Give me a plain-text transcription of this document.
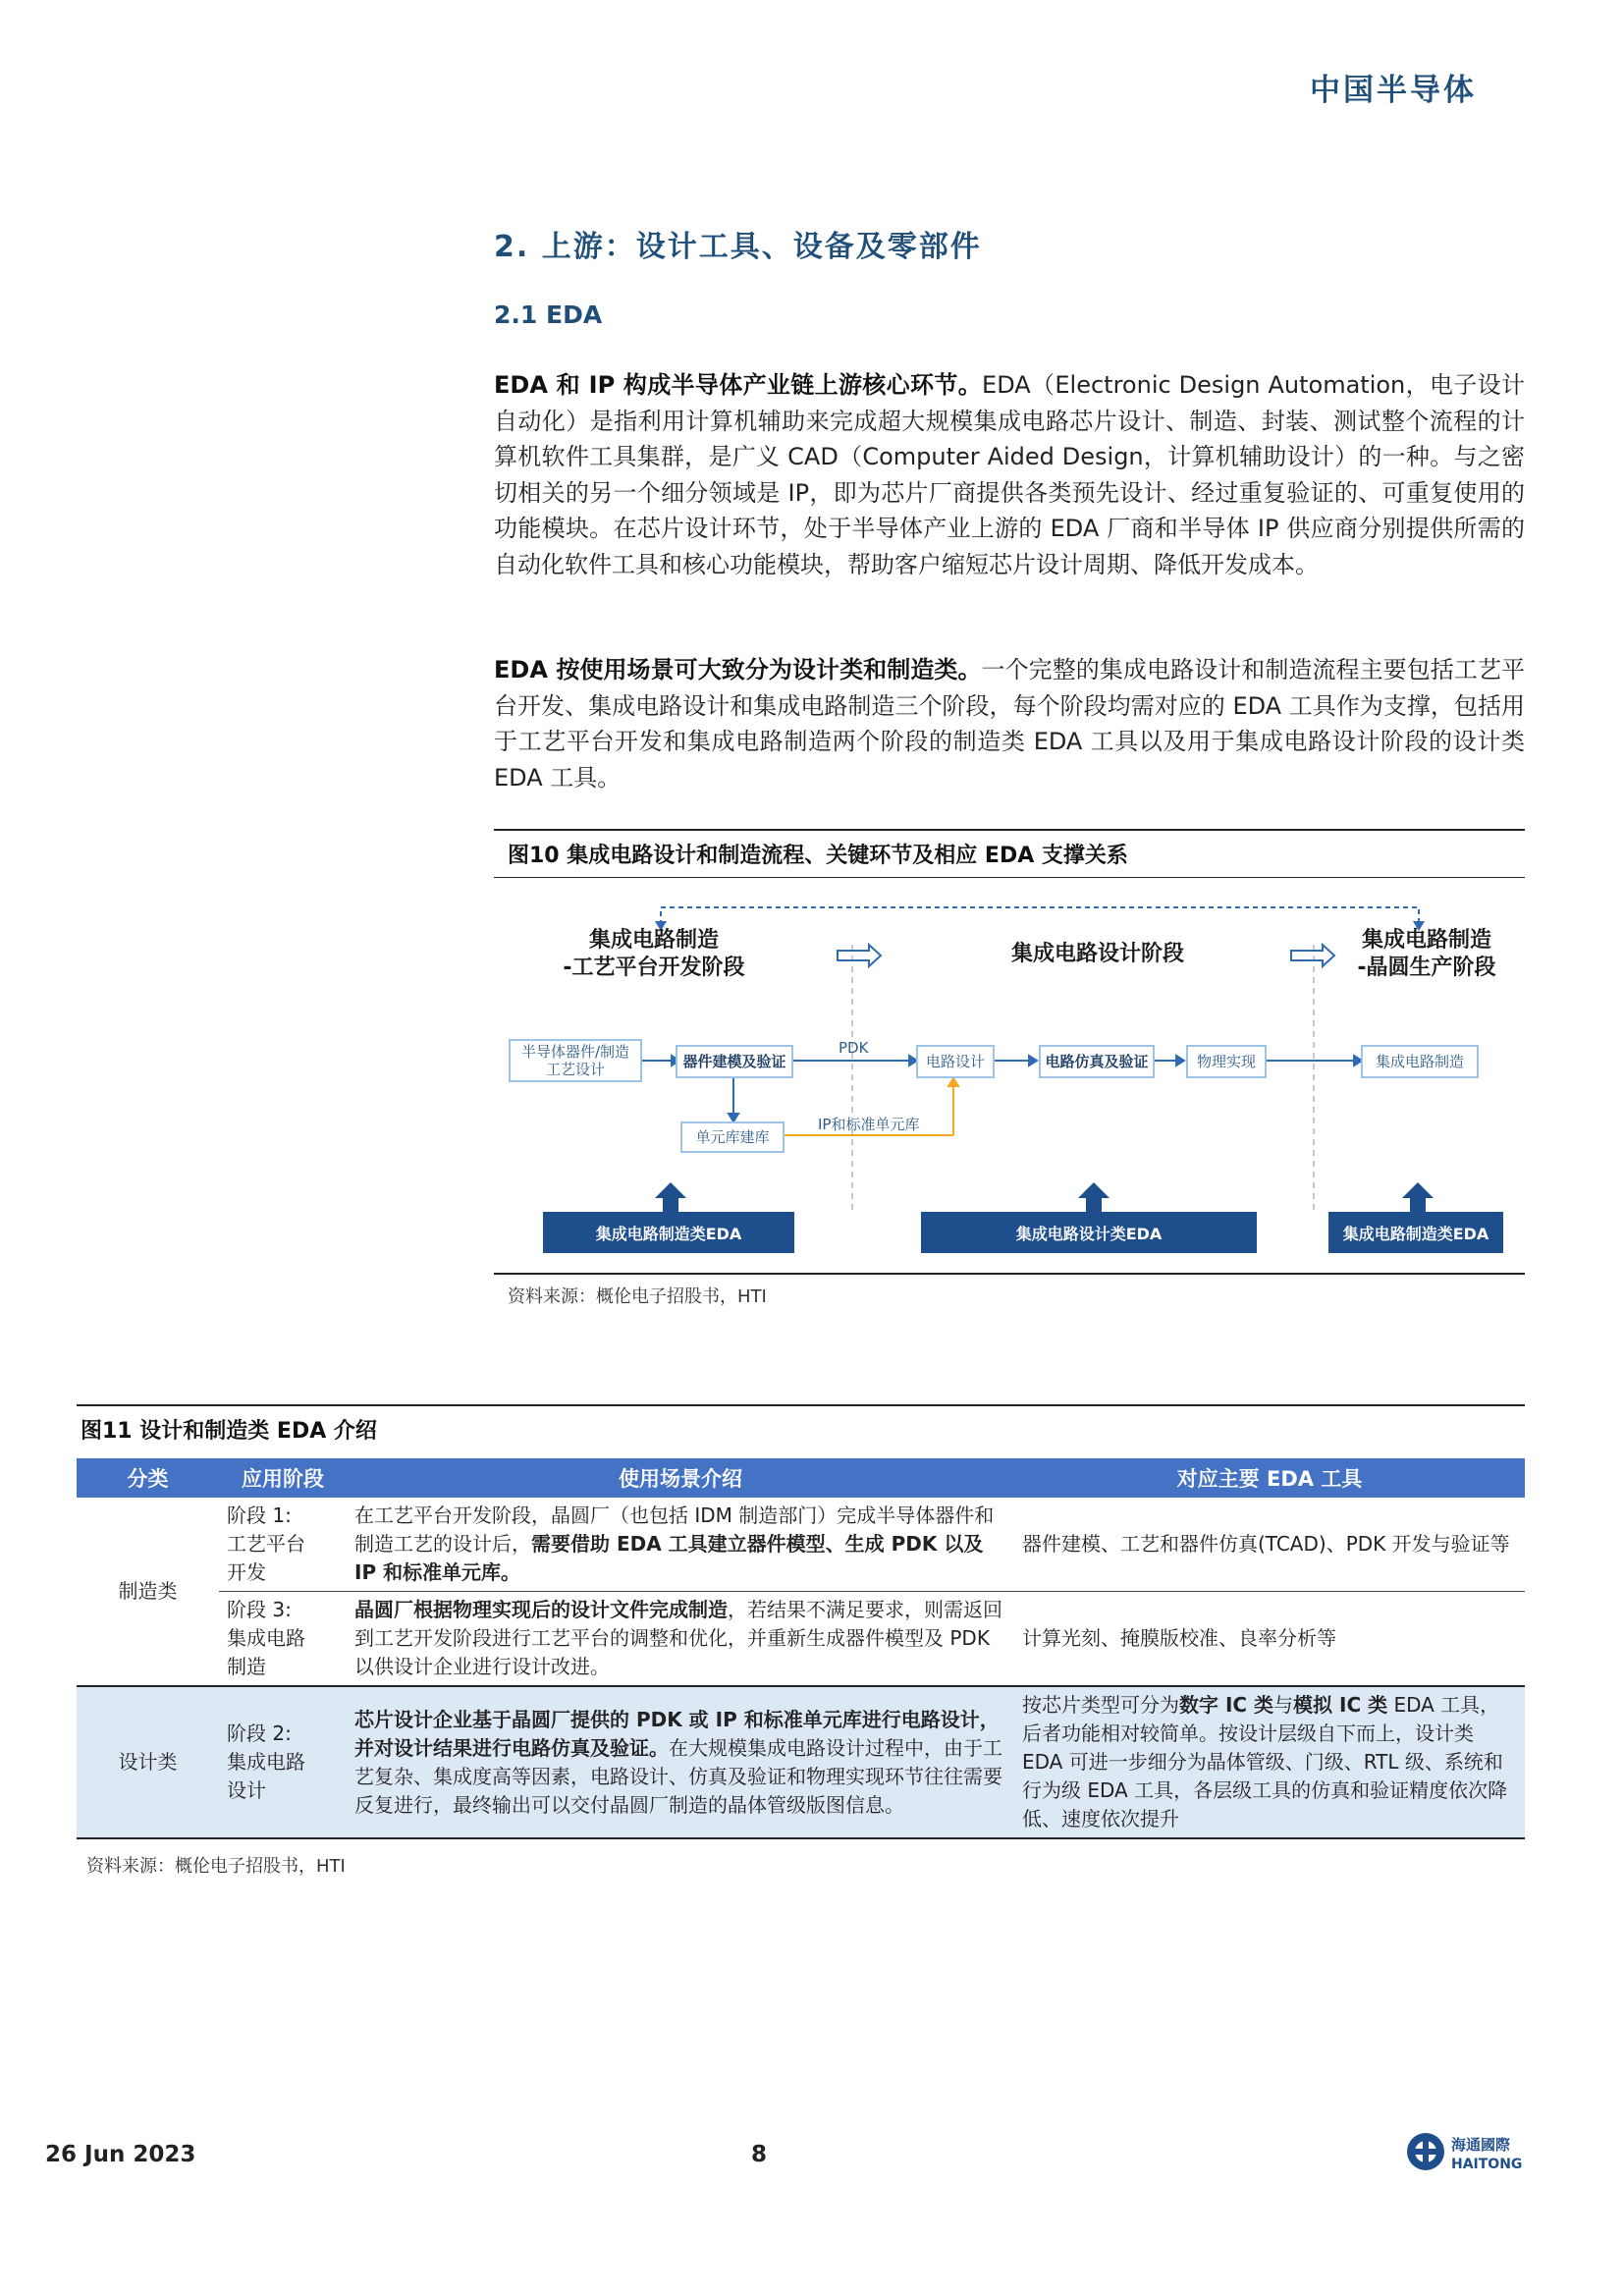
中国半导体
2. 上游：设计工具、设备及零部件
2.1 EDA
EDA 和 IP 构成半导体产业链上游核心环节。EDA（Electronic Design Automation，电子设计自动化）是指利用计算机辅助来完成超大规模集成电路芯片设计、制造、封装、测试整个流程的计算机软件工具集群，是广义 CAD（Computer Aided Design，计算机辅助设计）的一种。与之密切相关的另一个细分领域是 IP，即为芯片厂商提供各类预先设计、经过重复验证的、可重复使用的功能模块。在芯片设计环节，处于半导体产业上游的 EDA 厂商和半导体 IP 供应商分别提供所需的自动化软件工具和核心功能模块，帮助客户缩短芯片设计周期、降低开发成本。
EDA 按使用场景可大致分为设计类和制造类。一个完整的集成电路设计和制造流程主要包括工艺平台开发、集成电路设计和集成电路制造三个阶段，每个阶段均需对应的 EDA 工具作为支撑，包括用于工艺平台开发和集成电路制造两个阶段的制造类 EDA 工具以及用于集成电路设计阶段的设计类 EDA 工具。
图10 集成电路设计和制造流程、关键环节及相应 EDA 支撑关系
集成电路制造
-工艺平台开发阶段
集成电路设计阶段
集成电路制造
-晶圆生产阶段
半导体器件/制造
工艺设计	器件建模及验证
单元库建库
电路设计	电路仿真及验证	物理实现	集成电路制造
PDK
IP和标准单元库
集成电路制造类EDA	集成电路设计类EDA	集成电路制造类EDA
资料来源：概伦电子招股书，HTI
图11 设计和制造类 EDA 介绍
分类	应用阶段	使用场景介绍	对应主要 EDA 工具
制造类	阶段 1:
工艺平台
开发	在工艺平台开发阶段，晶圆厂（也包括 IDM 制造部门）完成半导体器件和制造工艺的设计后，需要借助 EDA 工具建立器件模型、生成 PDK 以及 IP 和标准单元库。	器件建模、工艺和器件仿真(TCAD)、PDK 开发与验证等
	阶段 3:
集成电路
制造	晶圆厂根据物理实现后的设计文件完成制造，若结果不满足要求，则需返回到工艺开发阶段进行工艺平台的调整和优化，并重新生成器件模型及 PDK 以供设计企业进行设计改进。	计算光刻、掩膜版校准、良率分析等
设计类	阶段 2:
集成电路
设计	芯片设计企业基于晶圆厂提供的 PDK 或 IP 和标准单元库进行电路设计，并对设计结果进行电路仿真及验证。在大规模集成电路设计过程中，由于工艺复杂、集成度高等因素，电路设计、仿真及验证和物理实现环节往往需要反复进行，最终输出可以交付晶圆厂制造的晶体管级版图信息。	按芯片类型可分为数字 IC 类与模拟 IC 类 EDA 工具，后者功能相对较简单。按设计层级自下而上，设计类 EDA 可进一步细分为晶体管级、门级、RTL 级、系统和行为级 EDA 工具，各层级工具的仿真和验证精度依次降低、速度依次提升
资料来源：概伦电子招股书，HTI
26 Jun 2023	8	海通國際
HAITONG
